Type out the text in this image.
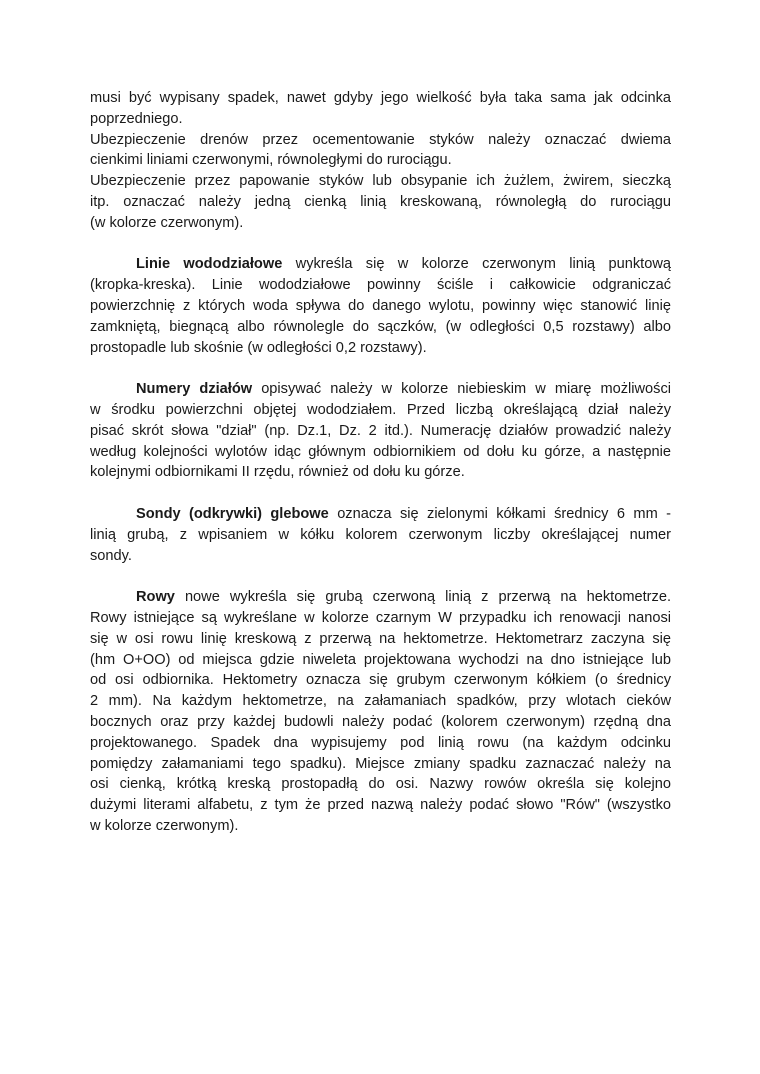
musi być wypisany spadek, nawet gdyby jego wielkość była taka sama jak odcinka
poprzedniego.
Ubezpieczenie drenów przez ocementowanie styków należy oznaczać dwiema
cienkimi liniami czerwonymi, równoległymi do rurociągu.
Ubezpieczenie przez papowanie styków lub obsypanie ich żużlem, żwirem, sieczką
itp. oznaczać należy jedną cienką linią kreskowaną, równoległą do rurociągu
(w kolorze czerwonym).
Linie wododziałowe wykreśla się w kolorze czerwonym linią punktową
(kropka-kreska). Linie wododziałowe powinny ściśle i całkowicie odgraniczać
powierzchnię z których woda spływa do danego wylotu, powinny więc stanowić linię
zamkniętą, biegnącą albo równolegle do sączków, (w odległości 0,5 rozstawy) albo
prostopadle lub skośnie (w odległości 0,2 rozstawy).
Numery działów opisywać należy w kolorze niebieskim w miarę możliwości
w środku powierzchni objętej wododziałem. Przed liczbą określającą dział należy
pisać skrót słowa "dział" (np. Dz.1, Dz. 2 itd.). Numerację działów prowadzić należy
według kolejności wylotów idąc głównym odbiornikiem od dołu ku górze, a następnie
kolejnymi odbiornikami II rzędu, również od dołu ku górze.
Sondy (odkrywki) glebowe oznacza się zielonymi kółkami średnicy 6 mm -
linią grubą, z wpisaniem w kółku kolorem czerwonym liczby określającej numer
sondy.
Rowy nowe wykreśla się grubą czerwoną linią z przerwą na hektometrze.
Rowy istniejące są wykreślane w kolorze czarnym W przypadku ich renowacji nanosi
się w osi rowu linię kreskową z przerwą na hektometrze. Hektometrarz zaczyna się
(hm O+OO) od miejsca gdzie niweleta projektowana wychodzi na dno istniejące lub
od osi odbiornika. Hektometry oznacza się grubym czerwonym kółkiem (o średnicy
2 mm). Na każdym hektometrze, na załamaniach spadków, przy wlotach cieków
bocznych oraz przy każdej budowli należy podać (kolorem czerwonym) rzędną dna
projektowanego. Spadek dna wypisujemy pod linią rowu (na każdym odcinku
pomiędzy załamaniami tego spadku). Miejsce zmiany spadku zaznaczać należy na
osi cienką, krótką kreską prostopadłą do osi. Nazwy rowów określa się kolejno
dużymi literami alfabetu, z tym że przed nazwą należy podać słowo "Rów" (wszystko
w kolorze czerwonym).
